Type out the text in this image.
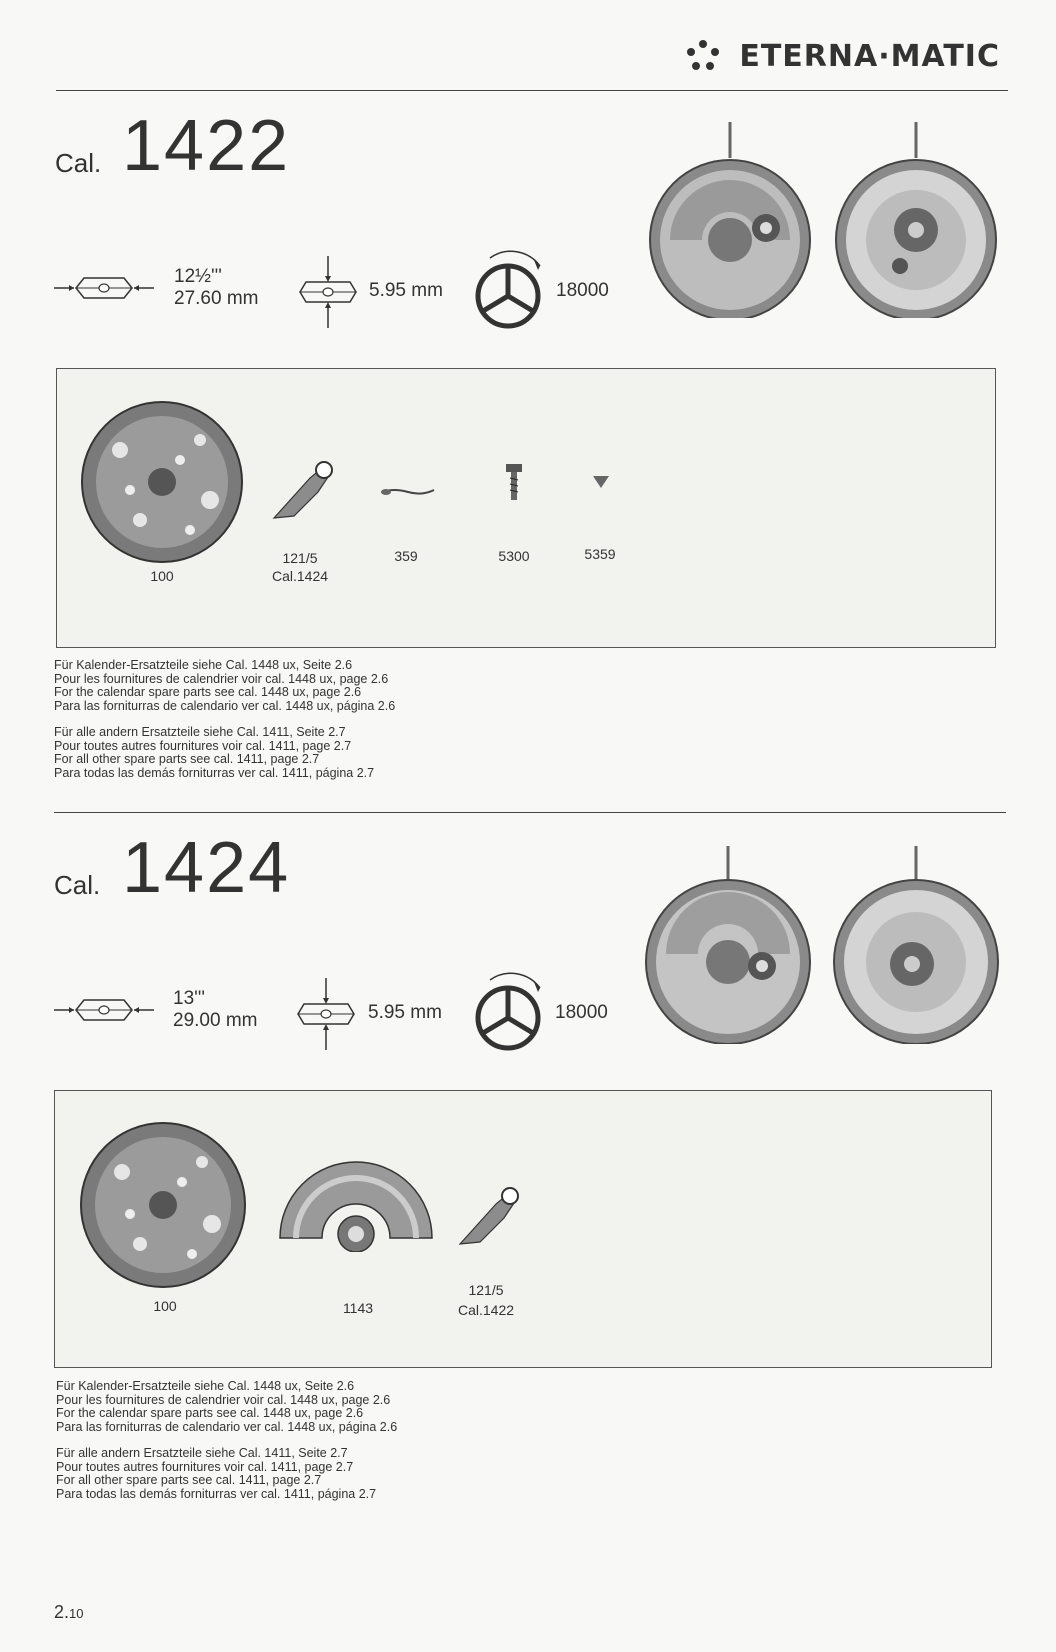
ETERNA·MATIC
Cal. 1422
12½'''
27.60 mm	5.95 mm	18000
100
121/5
Cal.1424
359	5300	5359
Für Kalender-Ersatzteile siehe Cal. 1448 ux, Seite 2.6
Pour les fournitures de calendrier voir cal. 1448 ux, page 2.6
For the calendar spare parts see cal. 1448 ux, page 2.6
Para las forniturras de calendario ver cal. 1448 ux, página 2.6
Für alle andern Ersatzteile siehe Cal. 1411, Seite 2.7
Pour toutes autres fournitures voir cal. 1411, page 2.7
For all other spare parts see cal. 1411, page 2.7
Para todas las demás forniturras ver cal. 1411, página 2.7
Cal. 1424
13'''
29.00 mm	5.95 mm	18000
100	1143
121/5
Cal.1422
Für Kalender-Ersatzteile siehe Cal. 1448 ux, Seite 2.6
Pour les fournitures de calendrier voir cal. 1448 ux, page 2.6
For the calendar spare parts see cal. 1448 ux, page 2.6
Para las forniturras de calendario ver cal. 1448 ux, página 2.6
Für alle andern Ersatzteile siehe Cal. 1411, Seite 2.7
Pour toutes autres fournitures voir cal. 1411, page 2.7
For all other spare parts see cal. 1411, page 2.7
Para todas las demás forniturras ver cal. 1411, página 2.7
2.10
